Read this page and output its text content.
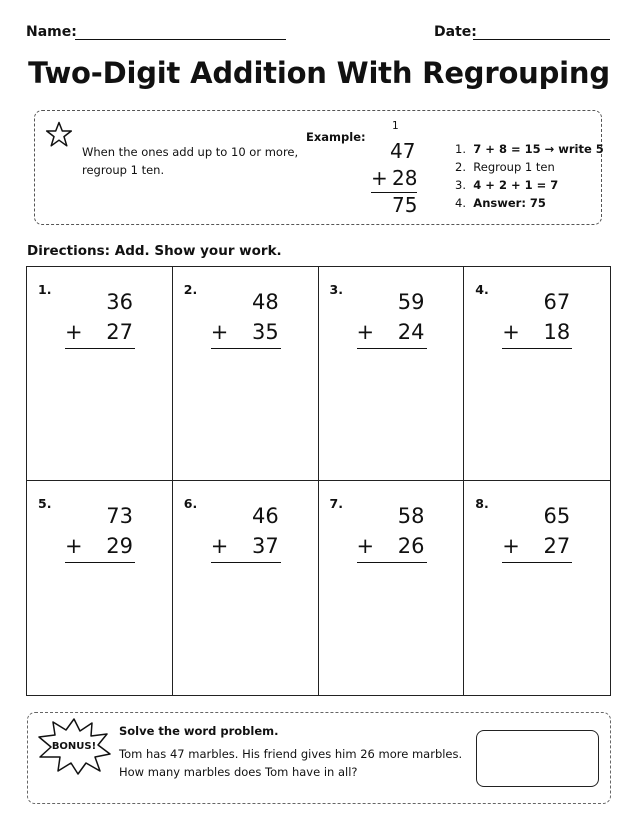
Name:	Date:
Two-Digit Addition With Regrouping
When the ones add up to 10 or more, regroup 1 ten.
Example:
1
47
+ 28
75
1. 7 + 8 = 15 → write 5
2. Regroup 1 ten
3. 4 + 2 + 1 = 7
4. Answer: 75
Directions: Add. Show your work.
1.
36
+ 27
2.
48
+ 35
3.
59
+ 24
4.
67
+ 18
5.
73
+ 29
6.
46
+ 37
7.
58
+ 26
8.
65
+ 27
BONUS!
Solve the word problem.
Tom has 47 marbles. His friend gives him 26 more marbles.
How many marbles does Tom have in all?
